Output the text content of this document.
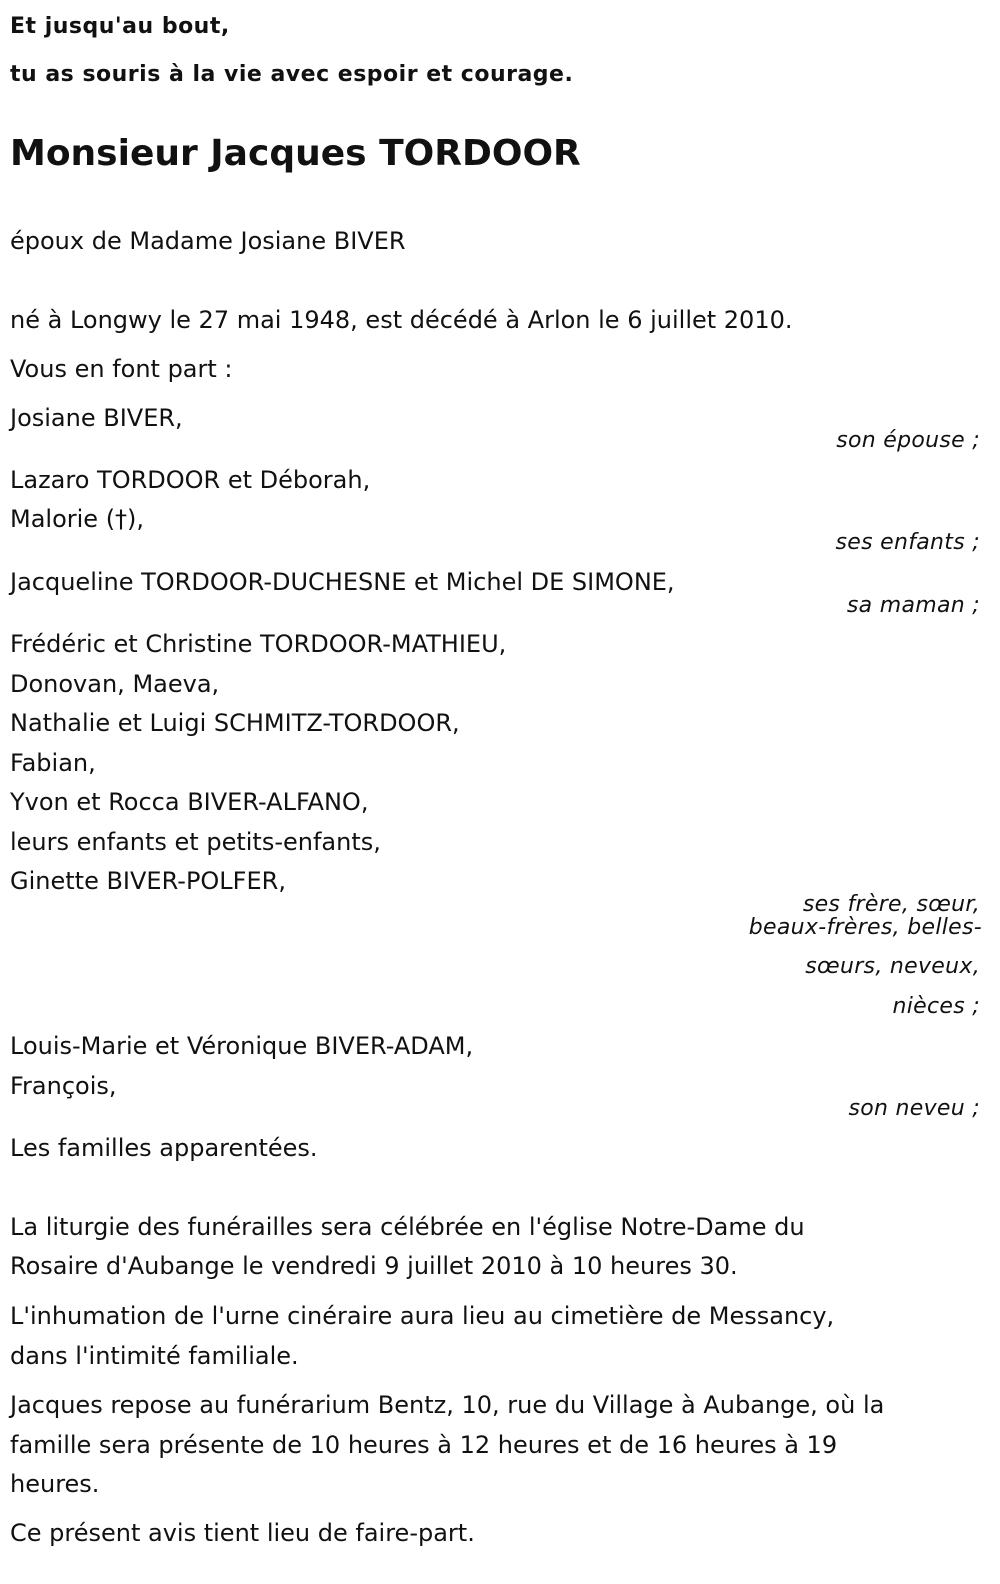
Et jusqu'au bout,
tu as souris à la vie avec espoir et courage.
Monsieur Jacques TORDOOR
époux de Madame Josiane BIVER
né à Longwy le 27 mai 1948, est décédé à Arlon le 6 juillet 2010.
Vous en font part :
Josiane BIVER,
son épouse ;
Lazaro TORDOOR et Déborah,
Malorie (†),
ses enfants ;
Jacqueline TORDOOR-DUCHESNE et Michel DE SIMONE,
sa maman ;
Frédéric et Christine TORDOOR-MATHIEU,
Donovan, Maeva,
Nathalie et Luigi SCHMITZ-TORDOOR,
Fabian,
Yvon et Rocca BIVER-ALFANO,
leurs enfants et petits-enfants,
Ginette BIVER-POLFER,
ses frère, sœur,
beaux-frères, belles-
sœurs, neveux,
nièces ;
Louis-Marie et Véronique BIVER-ADAM,
François,
son neveu ;
Les familles apparentées.
La liturgie des funérailles sera célébrée en l'église Notre-Dame du
Rosaire d'Aubange le vendredi 9 juillet 2010 à 10 heures 30.
L'inhumation de l'urne cinéraire aura lieu au cimetière de Messancy,
dans l'intimité familiale.
Jacques repose au funérarium Bentz, 10, rue du Village à Aubange, où la
famille sera présente de 10 heures à 12 heures et de 16 heures à 19
heures.
Ce présent avis tient lieu de faire-part.
